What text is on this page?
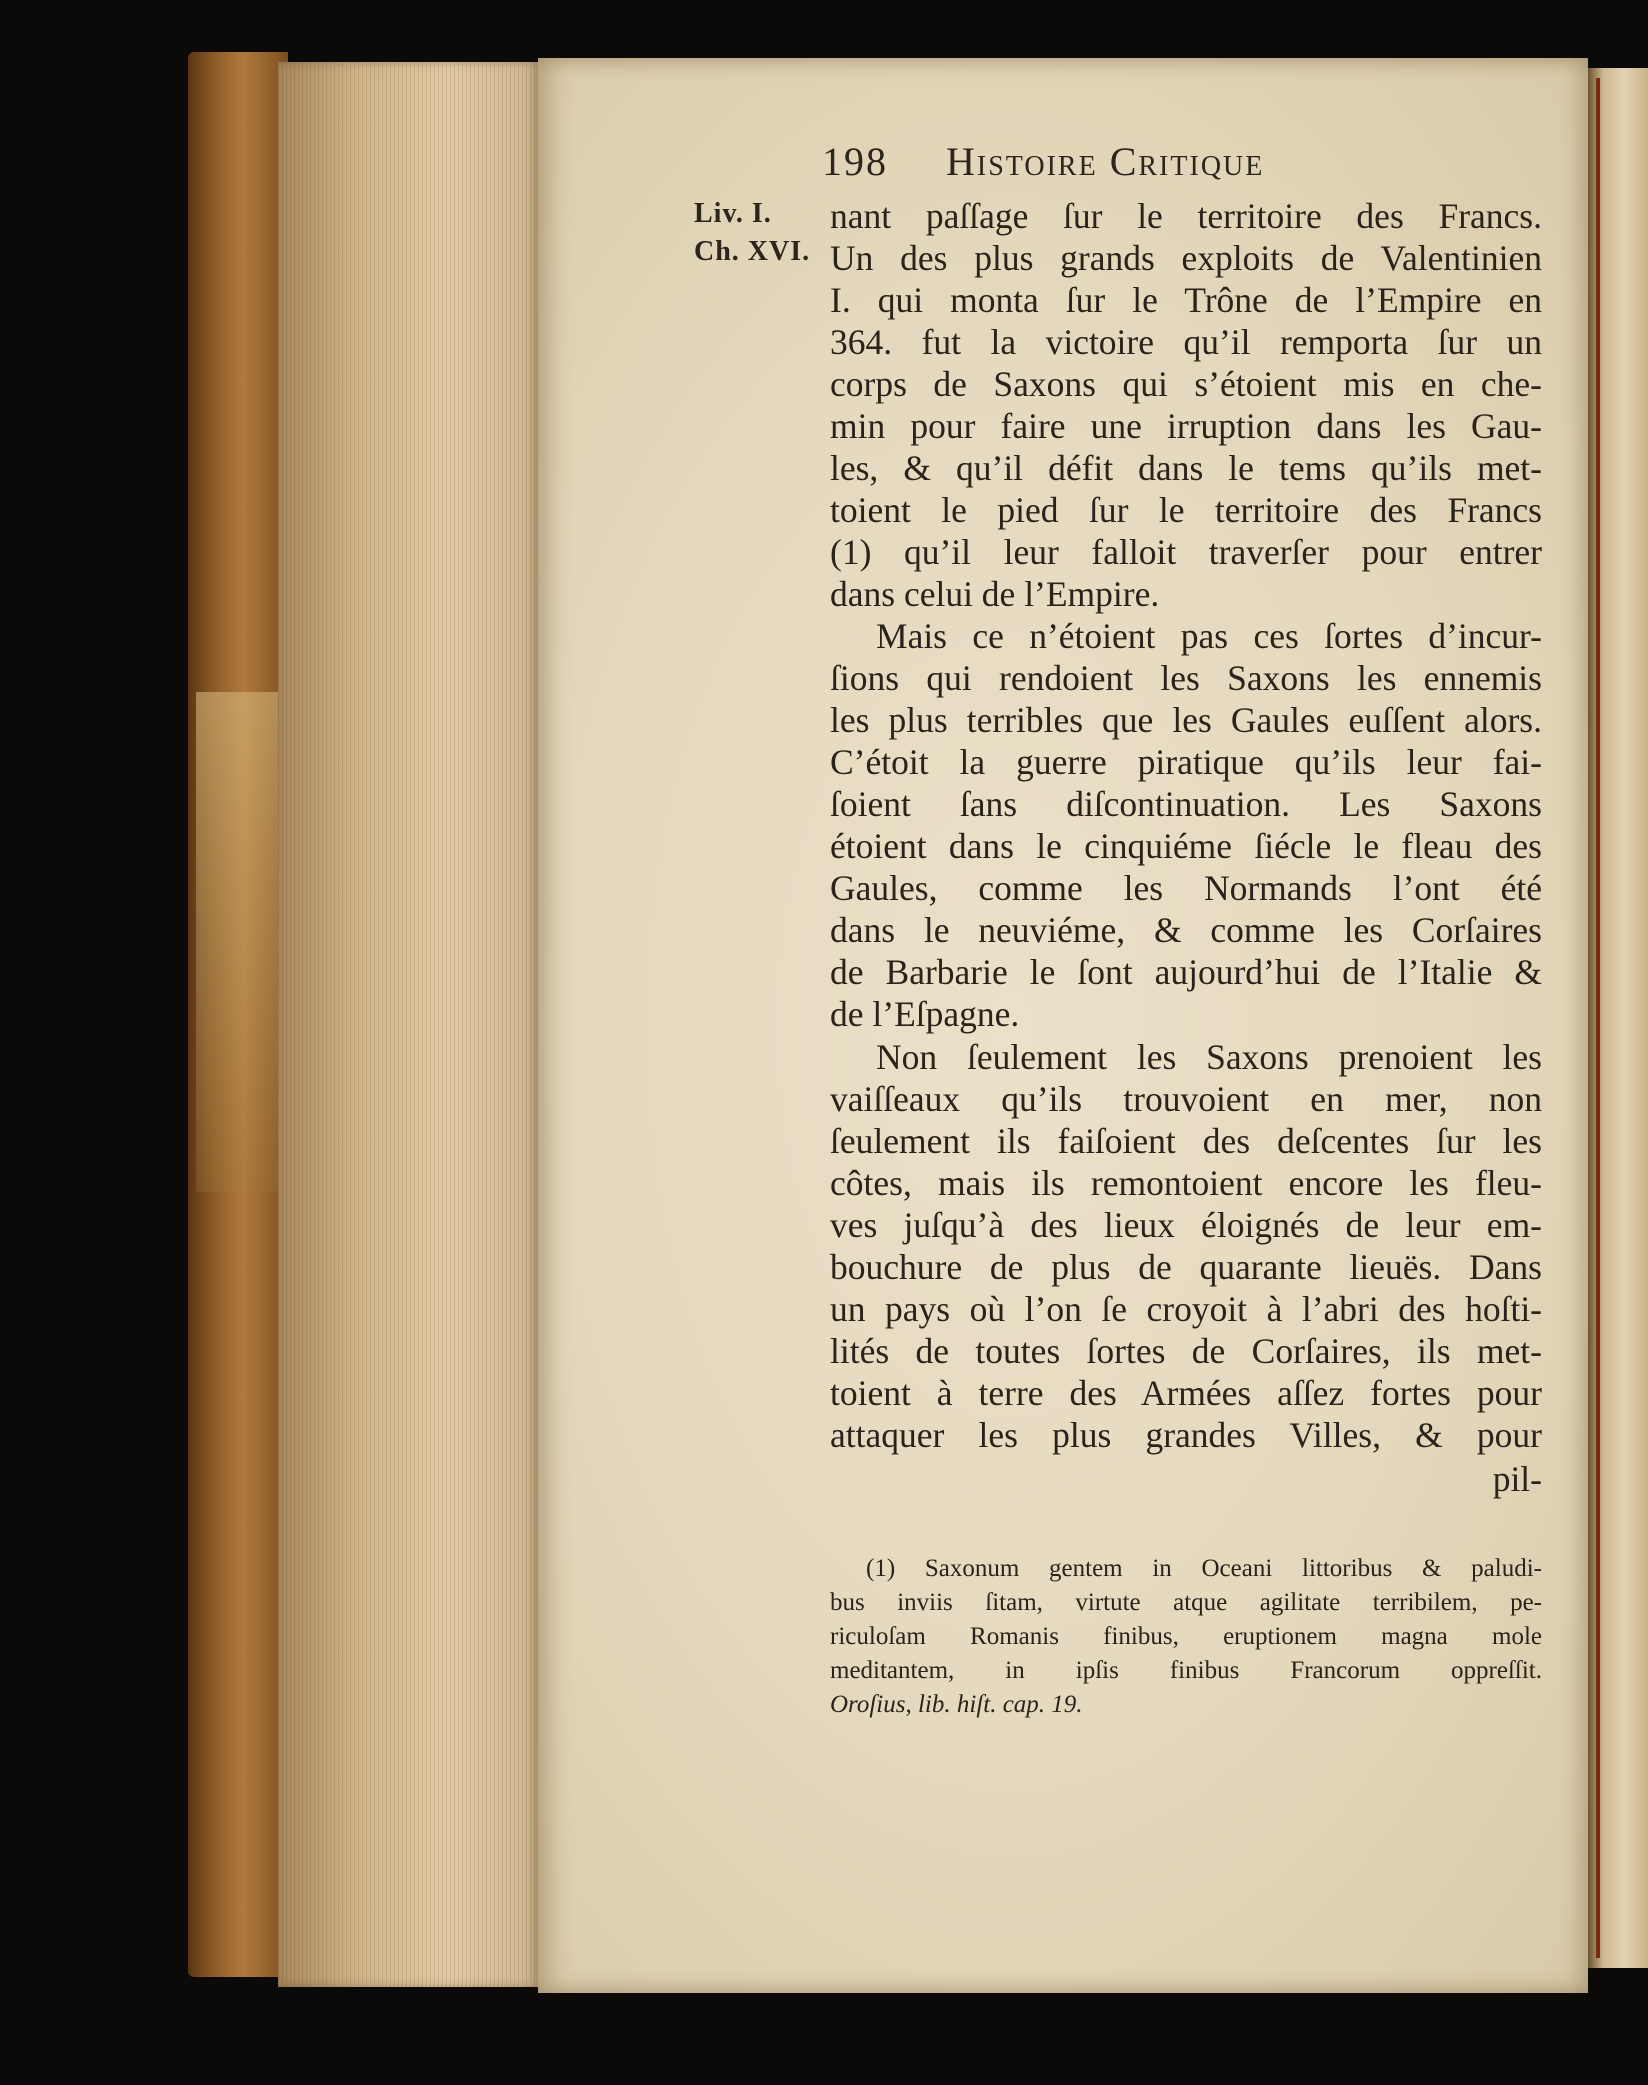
198 Histoire Critique
Liv. I.
Ch. XVI.
nant paſſage ſur le territoire des Francs.
Un des plus grands exploits de Valentinien
I. qui monta ſur le Trône de l’Empire en
364. fut la victoire qu’il remporta ſur un
corps de Saxons qui s’étoient mis en che-
min pour faire une irruption dans les Gau-
les, & qu’il défit dans le tems qu’ils met-
toient le pied ſur le territoire des Francs
(1) qu’il leur falloit traverſer pour entrer
dans celui de l’Empire.
Mais ce n’étoient pas ces ſortes d’incur-
ſions qui rendoient les Saxons les ennemis
les plus terribles que les Gaules euſſent alors.
C’étoit la guerre piratique qu’ils leur fai-
ſoient ſans diſcontinuation. Les Saxons
étoient dans le cinquiéme ſiécle le fleau des
Gaules, comme les Normands l’ont été
dans le neuviéme, & comme les Corſaires
de Barbarie le ſont aujourd’hui de l’Italie &
de l’Eſpagne.
Non ſeulement les Saxons prenoient les
vaiſſeaux qu’ils trouvoient en mer, non
ſeulement ils faiſoient des deſcentes ſur les
côtes, mais ils remontoient encore les fleu-
ves juſqu’à des lieux éloignés de leur em-
bouchure de plus de quarante lieuës. Dans
un pays où l’on ſe croyoit à l’abri des hoſti-
lités de toutes ſortes de Corſaires, ils met-
toient à terre des Armées aſſez fortes pour
attaquer les plus grandes Villes, & pour
pil-
(1) Saxonum gentem in Oceani littoribus & paludi-
bus inviis ſitam, virtute atque agilitate terribilem, pe-
riculoſam Romanis finibus, eruptionem magna mole
meditantem, in ipſis finibus Francorum oppreſſit.
Oroſius, lib. hiſt. cap. 19.
